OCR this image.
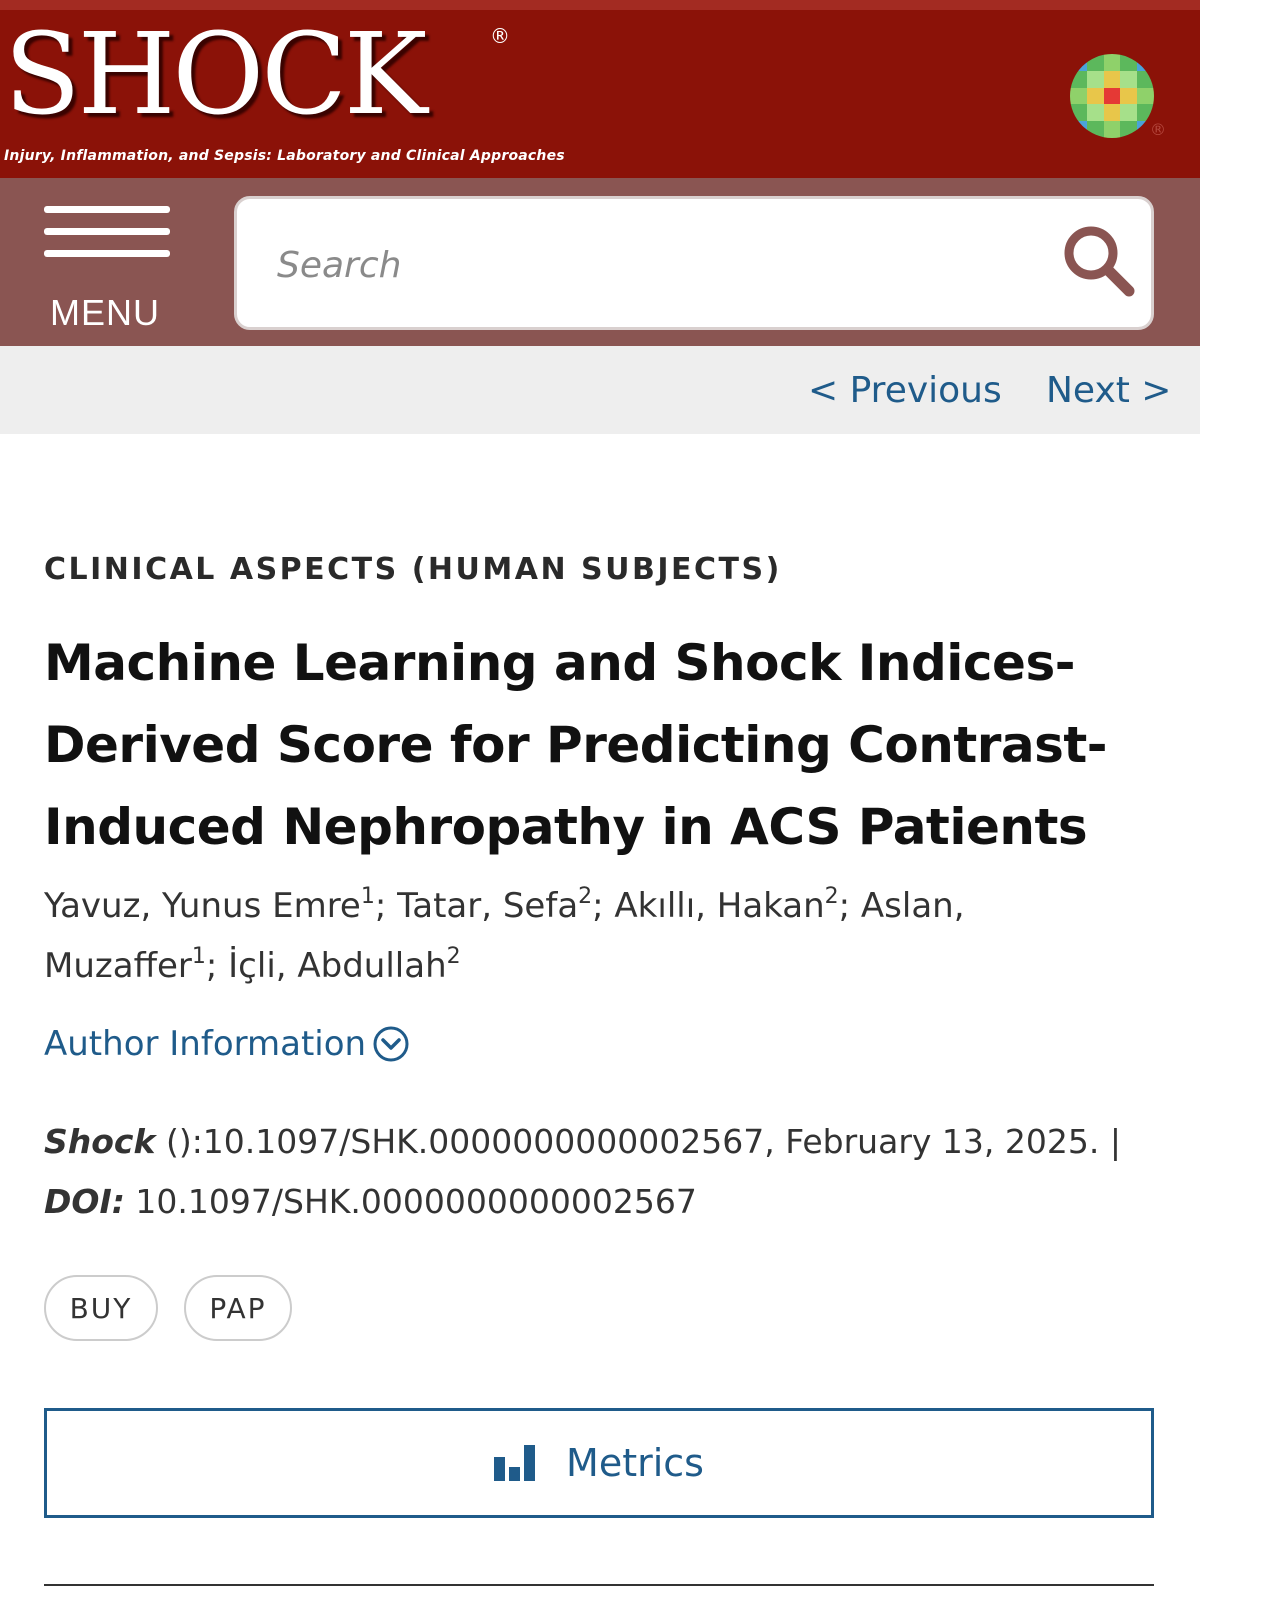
SHOCK	®
Injury, Inflammation, and Sepsis: Laboratory and Clinical Approaches
®
MENU
Search
< Previous Next >
CLINICAL ASPECTS (HUMAN SUBJECTS)
Machine Learning and Shock Indices-Derived Score for Predicting Contrast-Induced Nephropathy in ACS Patients
Yavuz, Yunus Emre$^1$; Tatar, Sefa$^2$; Akıllı, Hakan$^2$; Aslan, Muzaffer$^1$; İçli, Abdullah$^2$
Author Information
Shock ():10.1097/SHK.0000000000002567, February 13, 2025. |
DOI: 10.1097/SHK.0000000000002567
BUY	PAP
Metrics
